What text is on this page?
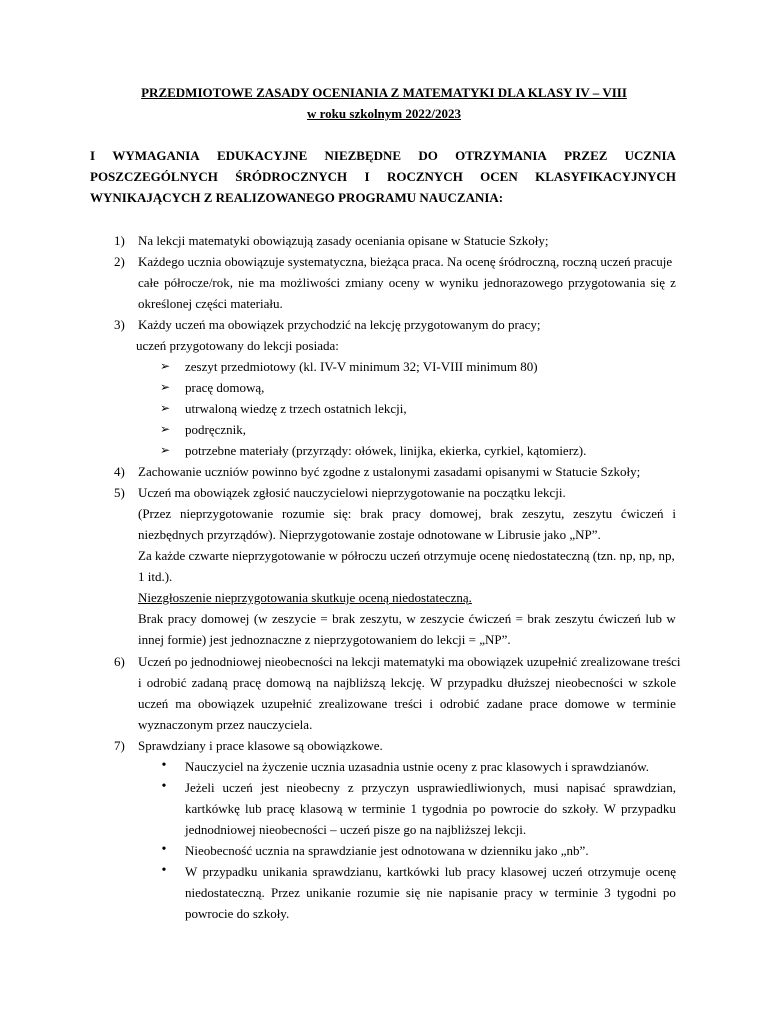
PRZEDMIOTOWE ZASADY OCENIANIA Z MATEMATYKI DLA KLASY IV – VIII
w roku szkolnym 2022/2023
I WYMAGANIA EDUKACYJNE NIEZBĘDNE DO OTRZYMANIA PRZEZ UCZNIA
POSZCZEGÓLNYCH ŚRÓDROCZNYCH I ROCZNYCH OCEN KLASYFIKACYJNYCH
WYNIKAJĄCYCH Z REALIZOWANEGO PROGRAMU NAUCZANIA:
1)	Na lekcji matematyki obowiązują zasady oceniania opisane w Statucie Szkoły;
2)	Każdego ucznia obowiązuje systematyczna, bieżąca praca. Na ocenę śródroczną, roczną uczeń pracuje
całe półrocze/rok, nie ma możliwości zmiany oceny w wyniku jednorazowego przygotowania się z
określonej części materiału.
3)	Każdy uczeń ma obowiązek przychodzić na lekcję przygotowanym do pracy;
uczeń przygotowany do lekcji posiada:
➢ zeszyt przedmiotowy (kl. IV-V minimum 32; VI-VIII minimum 80)
➢ pracę domową,
➢ utrwaloną wiedzę z trzech ostatnich lekcji,
➢ podręcznik,
➢ potrzebne materiały (przyrządy: ołówek, linijka, ekierka, cyrkiel, kątomierz).
4)	Zachowanie uczniów powinno być zgodne z ustalonymi zasadami opisanymi w Statucie Szkoły;
5)	Uczeń ma obowiązek zgłosić nauczycielowi nieprzygotowanie na początku lekcji.
(Przez nieprzygotowanie rozumie się: brak pracy domowej, brak zeszytu, zeszytu ćwiczeń i
niezbędnych przyrządów). Nieprzygotowanie zostaje odnotowane w Librusie jako „NP”.
Za każde czwarte nieprzygotowanie w półroczu uczeń otrzymuje ocenę niedostateczną (tzn. np, np, np,
1 itd.).
Niezgłoszenie nieprzygotowania skutkuje oceną niedostateczną.
Brak pracy domowej (w zeszycie = brak zeszytu, w zeszycie ćwiczeń = brak zeszytu ćwiczeń lub w
innej formie) jest jednoznaczne z nieprzygotowaniem do lekcji = „NP”.
6)	Uczeń po jednodniowej nieobecności na lekcji matematyki ma obowiązek uzupełnić zrealizowane treści
i odrobić zadaną pracę domową na najbliższą lekcję. W przypadku dłuższej nieobecności w szkole
uczeń ma obowiązek uzupełnić zrealizowane treści i odrobić zadane prace domowe w terminie
wyznaczonym przez nauczyciela.
7)	Sprawdziany i prace klasowe są obowiązkowe.
•	Nauczyciel na życzenie ucznia uzasadnia ustnie oceny z prac klasowych i sprawdzianów.
•	Jeżeli uczeń jest nieobecny z przyczyn usprawiedliwionych, musi napisać sprawdzian,
kartkówkę lub pracę klasową w terminie 1 tygodnia po powrocie do szkoły. W przypadku
jednodniowej nieobecności – uczeń pisze go na najbliższej lekcji.
•	Nieobecność ucznia na sprawdzianie jest odnotowana w dzienniku jako „nb”.
•	W przypadku unikania sprawdzianu, kartkówki lub pracy klasowej uczeń otrzymuje ocenę
niedostateczną. Przez unikanie rozumie się nie napisanie pracy w terminie 3 tygodni po
powrocie do szkoły.
